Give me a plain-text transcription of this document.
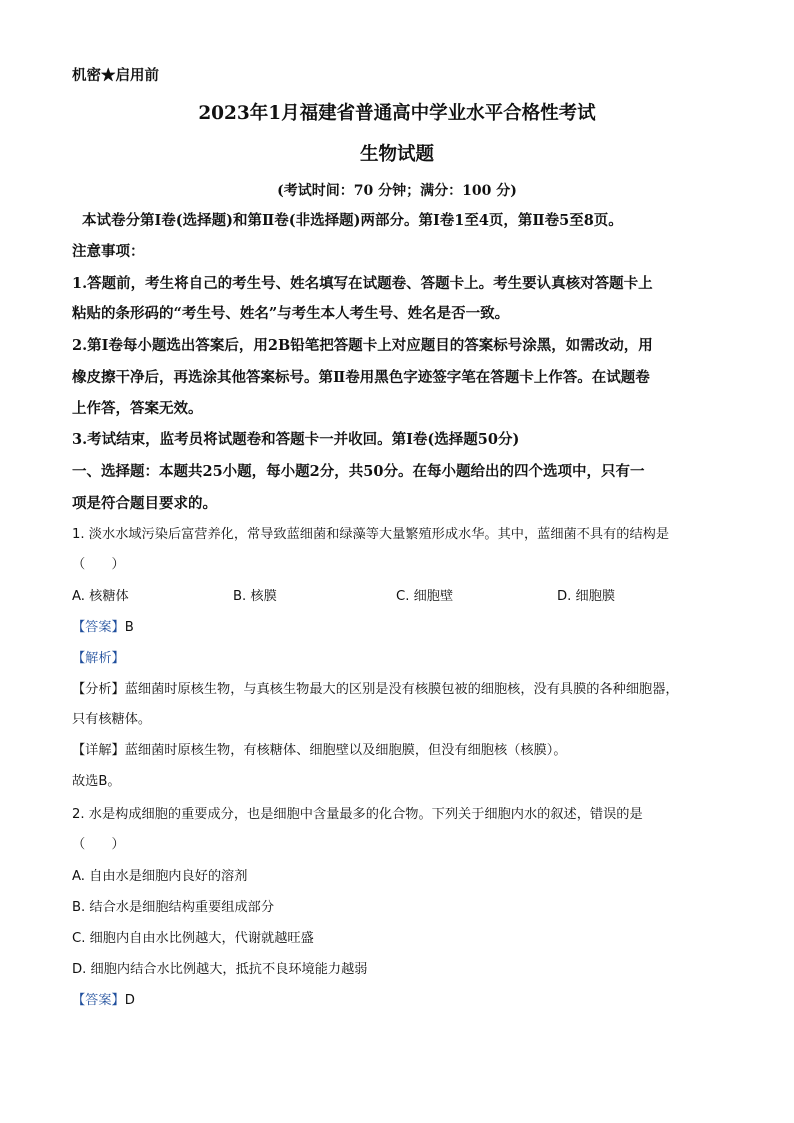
机密★启用前
2023年1月福建省普通高中学业水平合格性考试
生物试题
(考试时间：70 分钟；满分：100 分)
本试卷分第Ⅰ卷(选择题)和第Ⅱ卷(非选择题)两部分。第Ⅰ卷1至4页，第Ⅱ卷5至8页。
注意事项：
1.答题前，考生将自己的考生号、姓名填写在试题卷、答题卡上。考生要认真核对答题卡上
粘贴的条形码的“考生号、姓名”与考生本人考生号、姓名是否一致。
2.第Ⅰ卷每小题选出答案后，用2B铅笔把答题卡上对应题目的答案标号涂黑，如需改动，用
橡皮擦干净后，再选涂其他答案标号。第Ⅱ卷用黑色字迹签字笔在答题卡上作答。在试题卷
上作答，答案无效。
3.考试结束，监考员将试题卷和答题卡一并收回。第Ⅰ卷(选择题50分)
一、选择题：本题共25小题，每小题2分，共50分。在每小题给出的四个选项中，只有一
项是符合题目要求的。
1. 淡水水域污染后富营养化，常导致蓝细菌和绿藻等大量繁殖形成水华。其中，蓝细菌不具有的结构是
（　　）
A. 核糖体	B. 核膜	C. 细胞壁	D. 细胞膜
【答案】B
【解析】
【分析】蓝细菌时原核生物，与真核生物最大的区别是没有核膜包被的细胞核，没有具膜的各种细胞器，
只有核糖体。
【详解】蓝细菌时原核生物，有核糖体、细胞壁以及细胞膜，但没有细胞核（核膜）。
故选B。
2. 水是构成细胞的重要成分，也是细胞中含量最多的化合物。下列关于细胞内水的叙述，错误的是
（　　）
A. 自由水是细胞内良好的溶剂
B. 结合水是细胞结构重要组成部分
C. 细胞内自由水比例越大，代谢就越旺盛
D. 细胞内结合水比例越大，抵抗不良环境能力越弱
【答案】D
